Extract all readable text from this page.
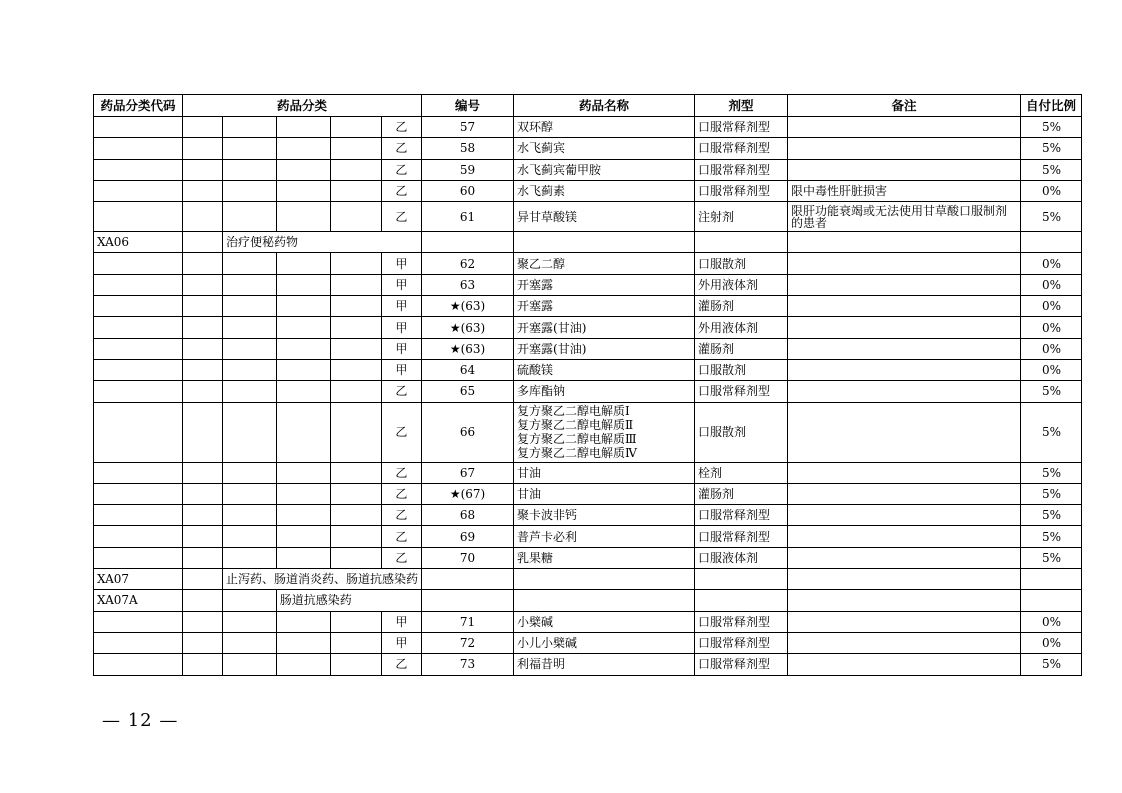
药品分类代码	药品分类					编号	药品名称	剂型	备注	自付比例
					乙	57	双环醇	口服常释剂型		5%
					乙	58	水飞蓟宾	口服常释剂型		5%
					乙	59	水飞蓟宾葡甲胺	口服常释剂型		5%
					乙	60	水飞蓟素	口服常释剂型	限中毒性肝脏损害	0%
					乙	61	异甘草酸镁	注射剂	限肝功能衰竭或无法使用甘草酸口服制剂的患者	5%
XA06		治疗便秘药物								
					甲	62	聚乙二醇	口服散剂		0%
					甲	63	开塞露	外用液体剂		0%
					甲	★(63)	开塞露	灌肠剂		0%
					甲	★(63)	开塞露(甘油)	外用液体剂		0%
					甲	★(63)	开塞露(甘油)	灌肠剂		0%
					甲	64	硫酸镁	口服散剂		0%
					乙	65	多库酯钠	口服常释剂型		5%
					乙	66	复方聚乙二醇电解质Ⅰ
复方聚乙二醇电解质Ⅱ
复方聚乙二醇电解质Ⅲ
复方聚乙二醇电解质Ⅳ	口服散剂		5%
					乙	67	甘油	栓剂		5%
					乙	★(67)	甘油	灌肠剂		5%
					乙	68	聚卡波非钙	口服常释剂型		5%
					乙	69	普芦卡必利	口服常释剂型		5%
					乙	70	乳果糖	口服液体剂		5%
XA07		止泻药、肠道消炎药、肠道抗感染药								
XA07A			肠道抗感染药							
					甲	71	小檗碱	口服常释剂型		0%
					甲	72	小儿小檗碱	口服常释剂型		0%
					乙	73	利福昔明	口服常释剂型		5%
— 12 —
